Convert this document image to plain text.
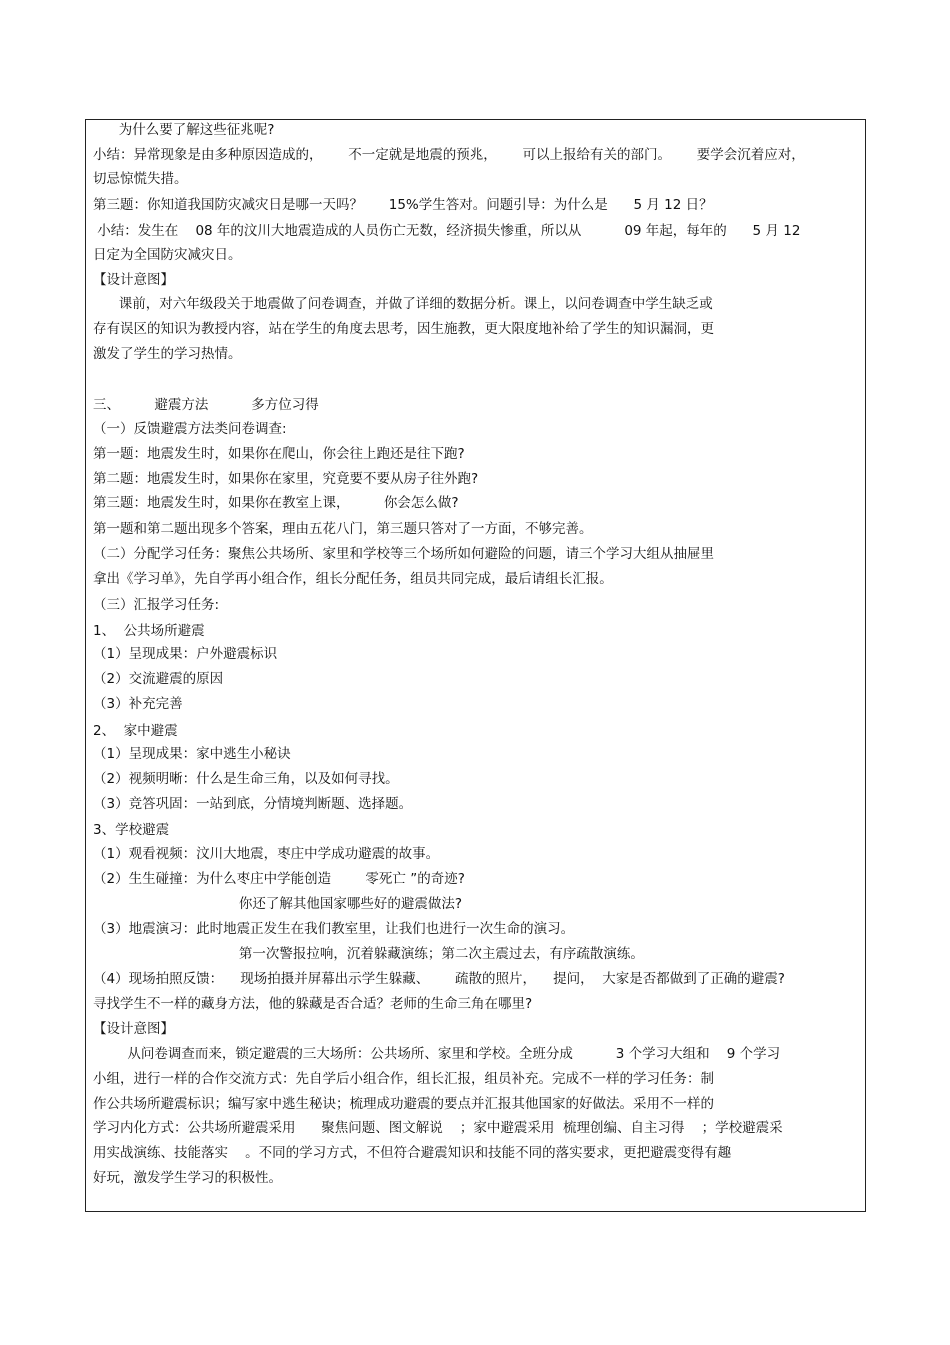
为什么要了解这些征兆呢?
小结：异常现象是由多种原因造成的，      不一定就是地震的预兆，      可以上报给有关的部门。      要学会沉着应对，
切忌惊慌失措。
第三题：你知道我国防灾减灾日是哪一天吗？      15%学生答对。问题引导：为什么是      5 月 12 日？
小结：发生在    08 年的汶川大地震造成的人员伤亡无数，经济损失惨重，所以从          09 年起，每年的      5 月 12
日定为全国防灾减灾日。
【设计意图】
课前，对六年级段关于地震做了问卷调查，并做了详细的数据分析。课上，以问卷调查中学生缺乏或
存有误区的知识为教授内容，站在学生的角度去思考，因生施教，更大限度地补给了学生的知识漏洞，更
激发了学生的学习热情。
三、        避震方法          多方位习得
（一）反馈避震方法类问卷调查:
第一题：地震发生时，如果你在爬山，你会往上跑还是往下跑?
第二题：地震发生时，如果你在家里，究竟要不要从房子往外跑?
第三题：地震发生时，如果你在教室上课，        你会怎么做?
第一题和第二题出现多个答案，理由五花八门，第三题只答对了一方面，不够完善。
（二）分配学习任务：聚焦公共场所、家里和学校等三个场所如何避险的问题，请三个学习大组从抽屉里
拿出《学习单》，先自学再小组合作，组长分配任务，组员共同完成，最后请组长汇报。
（三）汇报学习任务:
1、  公共场所避震
（1）呈现成果：户外避震标识
（2）交流避震的原因
（3）补充完善
2、  家中避震
（1）呈现成果：家中逃生小秘诀
（2）视频明晰：什么是生命三角，以及如何寻找。
（3）竞答巩固：一站到底，分情境判断题、选择题。
3、学校避震
（1）观看视频：汶川大地震，枣庄中学成功避震的故事。
（2）生生碰撞：为什么枣庄中学能创造        零死亡 ”的奇迹?
你还了解其他国家哪些好的避震做法?
（3）地震演习：此时地震正发生在我们教室里，让我们也进行一次生命的演习。
第一次警报拉响，沉着躲藏演练；第二次主震过去，有序疏散演练。
（4）现场拍照反馈：    现场拍摄并屏幕出示学生躲藏、      疏散的照片，    提问，  大家是否都做到了正确的避震?
寻找学生不一样的藏身方法，他的躲藏是否合适？老师的生命三角在哪里?
【设计意图】
从问卷调查而来，锁定避震的三大场所：公共场所、家里和学校。全班分成          3 个学习大组和    9 个学习
小组，进行一样的合作交流方式：先自学后小组合作，组长汇报，组员补充。完成不一样的学习任务：制
作公共场所避震标识；编写家中逃生秘诀；梳理成功避震的要点并汇报其他国家的好做法。采用不一样的
学习内化方式：公共场所避震采用      聚焦问题、图文解说    ；家中避震采用  梳理创编、自主习得    ；学校避震采
用实战演练、技能落实    。不同的学习方式，不但符合避震知识和技能不同的落实要求，更把避震变得有趣
好玩，激发学生学习的积极性。
